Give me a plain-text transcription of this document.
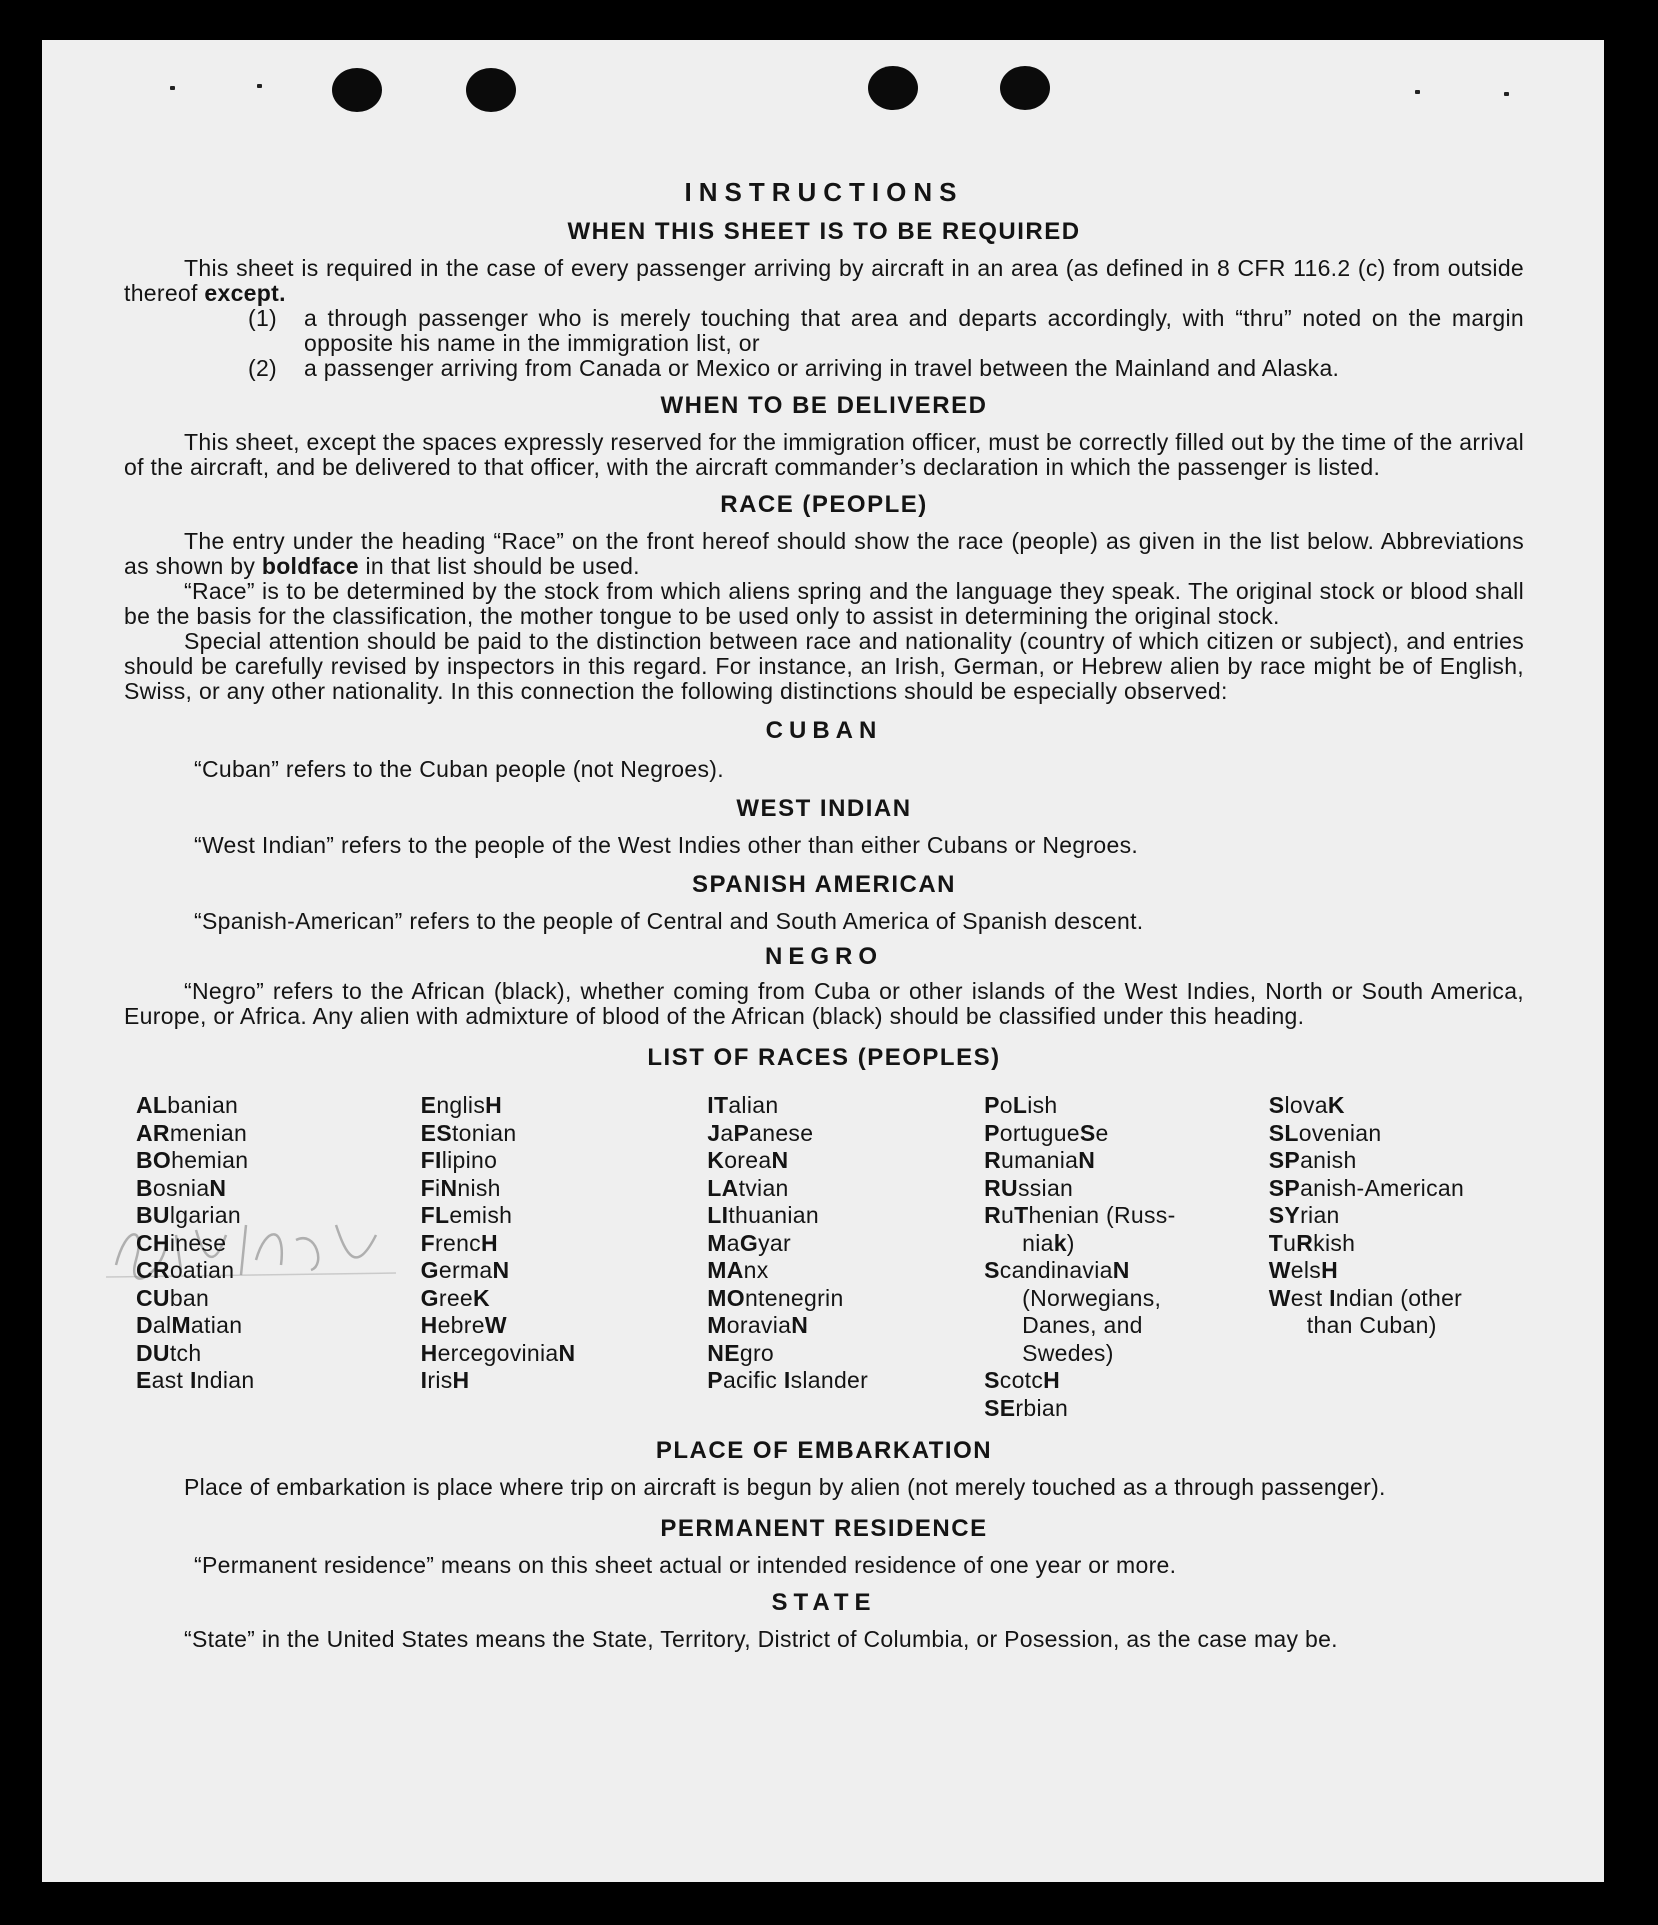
INSTRUCTIONS
WHEN THIS SHEET IS TO BE REQUIRED

This sheet is required in the case of every passenger arriving by aircraft in an area (as defined in 8 CFR 116.2 (c) from outside thereof except.

(1) a through passenger who is merely touching that area and departs accordingly, with “thru” noted on the margin opposite his name in the immigration list, or

(2) a passenger arriving from Canada or Mexico or arriving in travel between the Mainland and Alaska.

WHEN TO BE DELIVERED

This sheet, except the spaces expressly reserved for the immigration officer, must be correctly filled out by the time of the arrival of the aircraft, and be delivered to that officer, with the aircraft commander’s declaration in which the passenger is listed.

RACE (PEOPLE)

The entry under the heading “Race” on the front hereof should show the race (people) as given in the list below. Abbreviations as shown by boldface in that list should be used.

“Race” is to be determined by the stock from which aliens spring and the language they speak. The original stock or blood shall be the basis for the classification, the mother tongue to be used only to assist in determining the original stock.

Special attention should be paid to the distinction between race and nationality (country of which citizen or subject), and entries should be carefully revised by inspectors in this regard. For instance, an Irish, German, or Hebrew alien by race might be of English, Swiss, or any other nationality. In this connection the following distinctions should be especially observed:

CUBAN

“Cuban” refers to the Cuban people (not Negroes).

WEST INDIAN

“West Indian” refers to the people of the West Indies other than either Cubans or Negroes.

SPANISH AMERICAN

“Spanish-American” refers to the people of Central and South America of Spanish descent.

NEGRO

“Negro” refers to the African (black), whether coming from Cuba or other islands of the West Indies, North or South America, Europe, or Africa. Any alien with admixture of blood of the African (black) should be classified under this heading.

LIST OF RACES (PEOPLES)
ALbanian
ARmenian
BOhemian
BosniaN
BUlgarian
CHinese
CRoatian
CUban
DalMatian
DUtch
East Indian
EnglisH
EStonian
FIlipino
FiNnish
FLemish
FrencH
GermaN
GreeK
HebreW
HercegoviniaN
IrisH
ITalian
JaPanese
KoreaN
LAtvian
LIthuanian
MaGyar
MAnx
MOntenegrin
MoraviaN
NEgro
Pacific Islander
PoLish
PortugueSe
RumaniaN
RUssian
RuThenian (Russ-
niak)
ScandinaviaN
(Norwegians,
Danes, and
Swedes)
ScotcH
SErbian
SlovaK
SLovenian
SPanish
SPanish-American
SYrian
TuRkish
WelsH
West Indian (other
than Cuban)
PLACE OF EMBARKATION

Place of embarkation is place where trip on aircraft is begun by alien (not merely touched as a through passenger).

PERMANENT RESIDENCE

“Permanent residence” means on this sheet actual or intended residence of one year or more.

STATE

“State” in the United States means the State, Territory, District of Columbia, or Posession, as the case may be.
